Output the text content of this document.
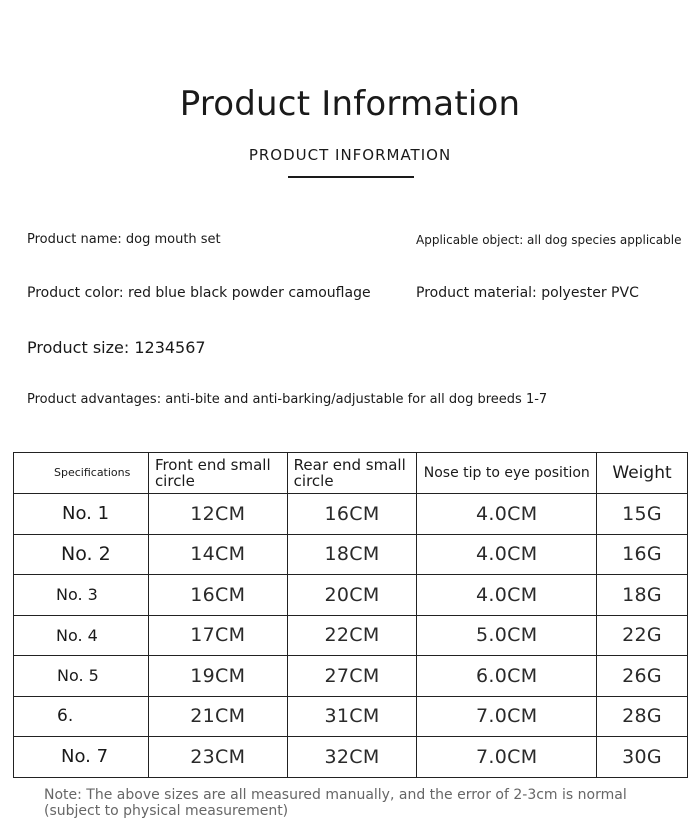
Product Information
PRODUCT INFORMATION
Product name: dog mouth set	Applicable object: all dog species applicable
Product color: red blue black powder camouflage	Product material: polyester PVC
Product size: 1234567
Product advantages: anti-bite and anti-barking/adjustable for all dog breeds 1-7
Specifications	Front end small circle	Rear end small circle	Nose tip to eye position	Weight
No. 1	12CM	16CM	4.0CM	15G
No. 2	14CM	18CM	4.0CM	16G
No. 3	16CM	20CM	4.0CM	18G
No. 4	17CM	22CM	5.0CM	22G
No. 5	19CM	27CM	6.0CM	26G
6.	21CM	31CM	7.0CM	28G
No. 7	23CM	32CM	7.0CM	30G
Note: The above sizes are all measured manually, and the error of 2-3cm is normal (subject to physical measurement)
